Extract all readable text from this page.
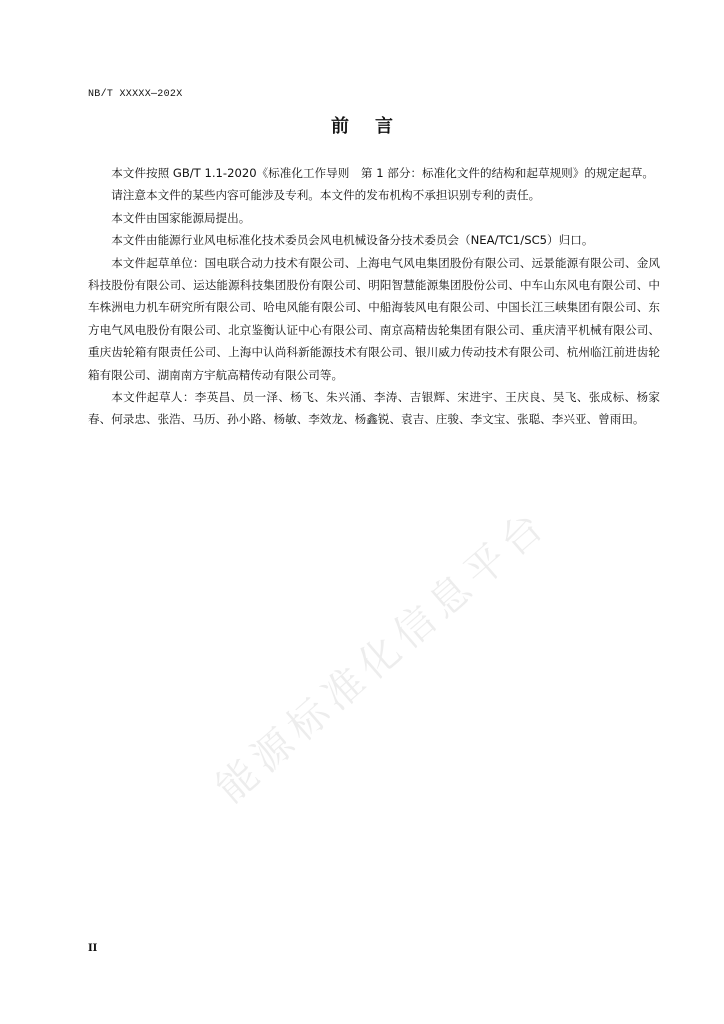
NB/T XXXXX—202X
前言

本文件按照 GB/T 1.1-2020《标准化工作导则　第 1 部分：标准化文件的结构和起草规则》的规定起草。

请注意本文件的某些内容可能涉及专利。本文件的发布机构不承担识别专利的责任。

本文件由国家能源局提出。

本文件由能源行业风电标准化技术委员会风电机械设备分技术委员会（NEA/TC1/SC5）归口。

本文件起草单位：国电联合动力技术有限公司、上海电气风电集团股份有限公司、远景能源有限公司、金风科技股份有限公司、运达能源科技集团股份有限公司、明阳智慧能源集团股份公司、中车山东风电有限公司、中车株洲电力机车研究所有限公司、哈电风能有限公司、中船海装风电有限公司、中国长江三峡集团有限公司、东方电气风电股份有限公司、北京鉴衡认证中心有限公司、南京高精齿轮集团有限公司、重庆清平机械有限公司、重庆齿轮箱有限责任公司、上海中认尚科新能源技术有限公司、银川威力传动技术有限公司、杭州临江前进齿轮箱有限公司、湖南南方宇航高精传动有限公司等。

本文件起草人：李英昌、员一泽、杨飞、朱兴涌、李涛、吉银辉、宋进宇、王庆良、吴飞、张成标、杨家春、何录忠、张浩、马历、孙小路、杨敏、李效龙、杨鑫锐、袁吉、庄骏、李文宝、张聪、李兴亚、曾雨田。

能源标准化信息平台
II
